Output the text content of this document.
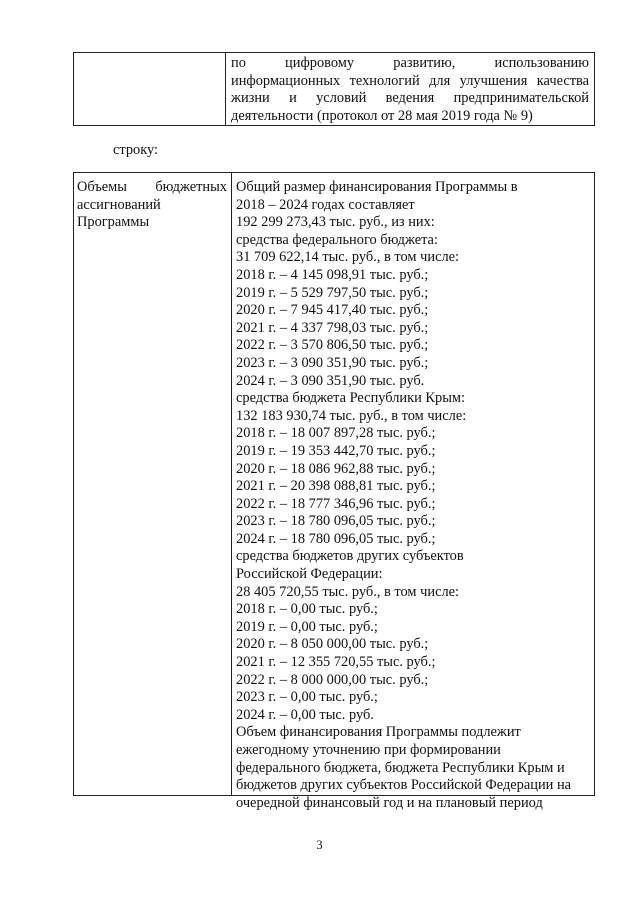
по цифровому развитию, использованию
информационных технологий для улучшения качества
жизни и условий ведения предпринимательской
деятельности (протокол от 28 мая 2019 года № 9)
строку:
Объемы бюджетных
ассигнований
Программы
Общий размер финансирования Программы в
2018 – 2024 годах составляет
192 299 273,43 тыс. руб., из них:
средства федерального бюджета:
31 709 622,14 тыс. руб., в том числе:
2018 г. – 4 145 098,91 тыс. руб.;
2019 г. – 5 529 797,50 тыс. руб.;
2020 г. – 7 945 417,40 тыс. руб.;
2021 г. – 4 337 798,03 тыс. руб.;
2022 г. – 3 570 806,50 тыс. руб.;
2023 г. – 3 090 351,90 тыс. руб.;
2024 г. – 3 090 351,90 тыс. руб.
средства бюджета Республики Крым:
132 183 930,74 тыс. руб., в том числе:
2018 г. – 18 007 897,28 тыс. руб.;
2019 г. – 19 353 442,70 тыс. руб.;
2020 г. – 18 086 962,88 тыс. руб.;
2021 г. – 20 398 088,81 тыс. руб.;
2022 г. – 18 777 346,96 тыс. руб.;
2023 г. – 18 780 096,05 тыс. руб.;
2024 г. – 18 780 096,05 тыс. руб.;
средства бюджетов других субъектов
Российской Федерации:
28 405 720,55 тыс. руб., в том числе:
2018 г. – 0,00 тыс. руб.;
2019 г. – 0,00 тыс. руб.;
2020 г. – 8 050 000,00 тыс. руб.;
2021 г. – 12 355 720,55 тыс. руб.;
2022 г. – 8 000 000,00 тыс. руб.;
2023 г. – 0,00 тыс. руб.;
2024 г. – 0,00 тыс. руб.
Объем финансирования Программы подлежит
ежегодному уточнению при формировании
федерального бюджета, бюджета Республики Крым и
бюджетов других субъектов Российской Федерации на
очередной финансовый год и на плановый период
3
